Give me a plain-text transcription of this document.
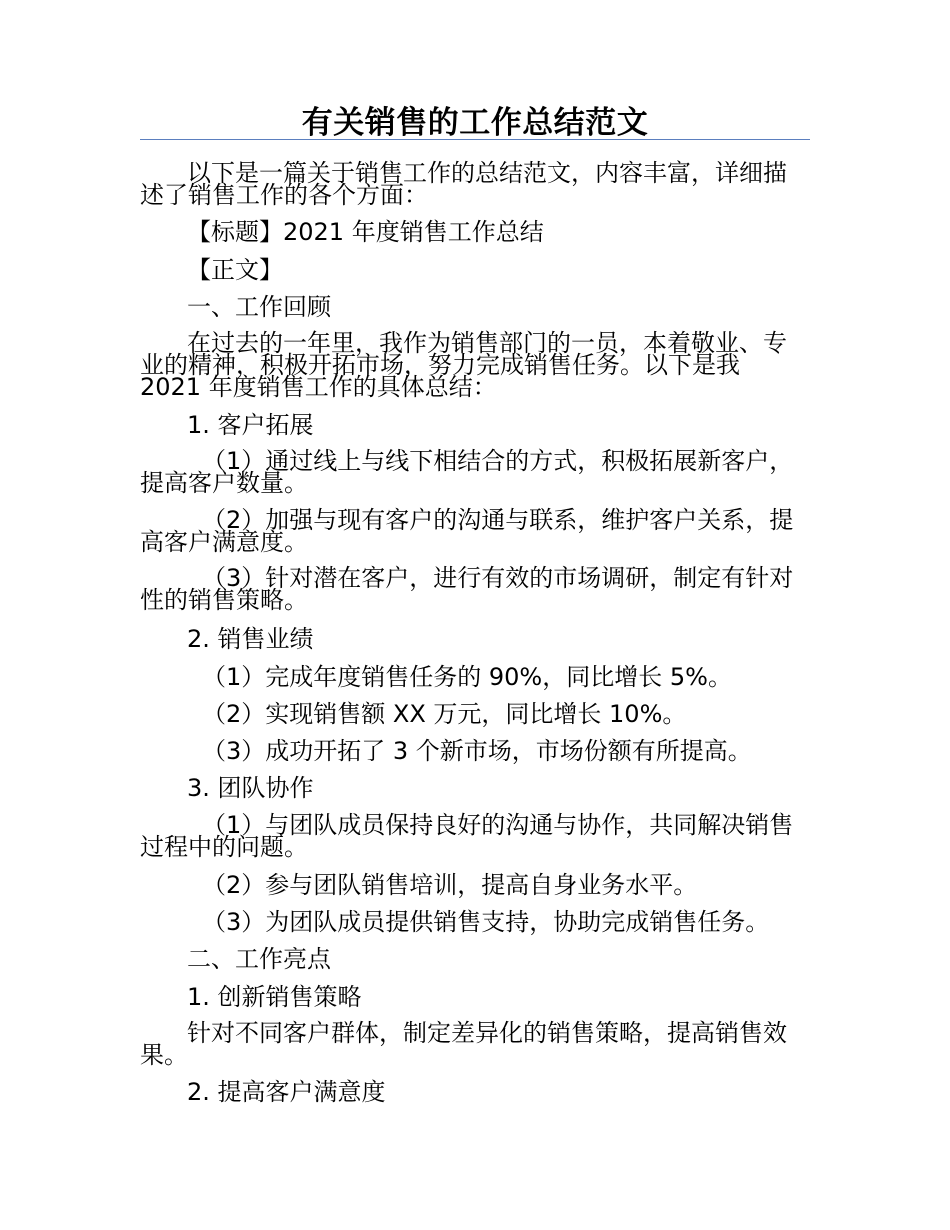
有关销售的工作总结范文
以下是一篇关于销售工作的总结范文，内容丰富，详细描
述了销售工作的各个方面：
【标题】2021 年度销售工作总结
【正文】
一、工作回顾
在过去的一年里，我作为销售部门的一员，本着敬业、专
业的精神，积极开拓市场，努力完成销售任务。以下是我
2021 年度销售工作的具体总结：
1. 客户拓展
（1）通过线上与线下相结合的方式，积极拓展新客户，
提高客户数量。
（2）加强与现有客户的沟通与联系，维护客户关系，提
高客户满意度。
（3）针对潜在客户，进行有效的市场调研，制定有针对
性的销售策略。
2. 销售业绩
（1）完成年度销售任务的 90%，同比增长 5%。
（2）实现销售额 XX 万元，同比增长 10%。
（3）成功开拓了 3 个新市场，市场份额有所提高。
3. 团队协作
（1）与团队成员保持良好的沟通与协作，共同解决销售
过程中的问题。
（2）参与团队销售培训，提高自身业务水平。
（3）为团队成员提供销售支持，协助完成销售任务。
二、工作亮点
1. 创新销售策略
针对不同客户群体，制定差异化的销售策略，提高销售效
果。
2. 提高客户满意度
